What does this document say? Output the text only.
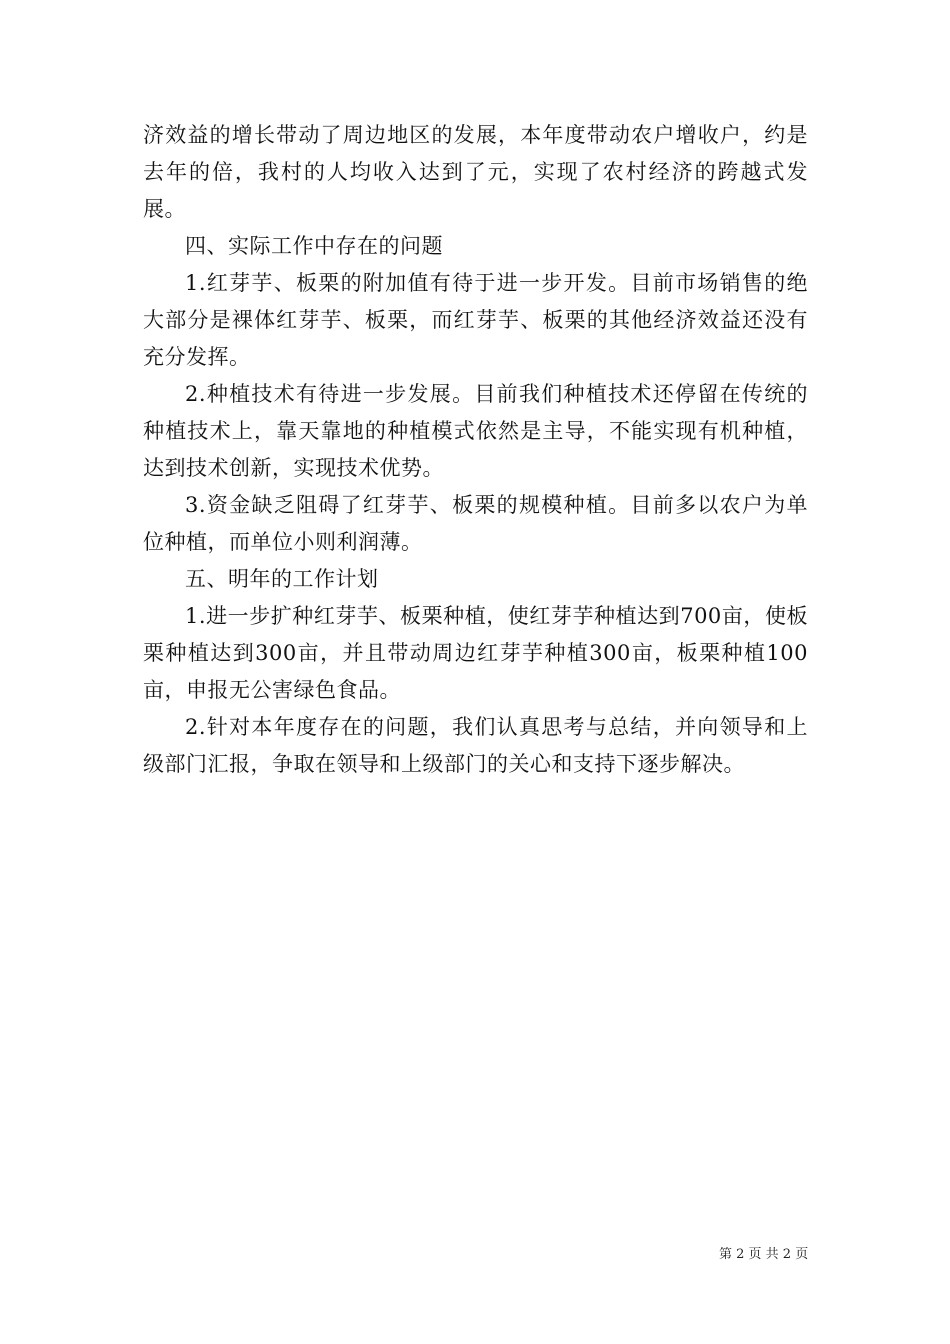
济效益的增长带动了周边地区的发展，本年度带动农户增收户，约是去年的倍，我村的人均收入达到了元，实现了农村经济的跨越式发展。

四、实际工作中存在的问题

1.红芽芋、板栗的附加值有待于进一步开发。目前市场销售的绝大部分是裸体红芽芋、板栗，而红芽芋、板栗的其他经济效益还没有充分发挥。

2.种植技术有待进一步发展。目前我们种植技术还停留在传统的种植技术上，靠天靠地的种植模式依然是主导，不能实现有机种植，达到技术创新，实现技术优势。

3.资金缺乏阻碍了红芽芋、板栗的规模种植。目前多以农户为单位种植，而单位小则利润薄。

五、明年的工作计划

1.进一步扩种红芽芋、板栗种植，使红芽芋种植达到700亩，使板栗种植达到300亩，并且带动周边红芽芋种植300亩，板栗种植100亩，申报无公害绿色食品。

2.针对本年度存在的问题，我们认真思考与总结，并向领导和上级部门汇报，争取在领导和上级部门的关心和支持下逐步解决。

第 2 页 共 2 页
